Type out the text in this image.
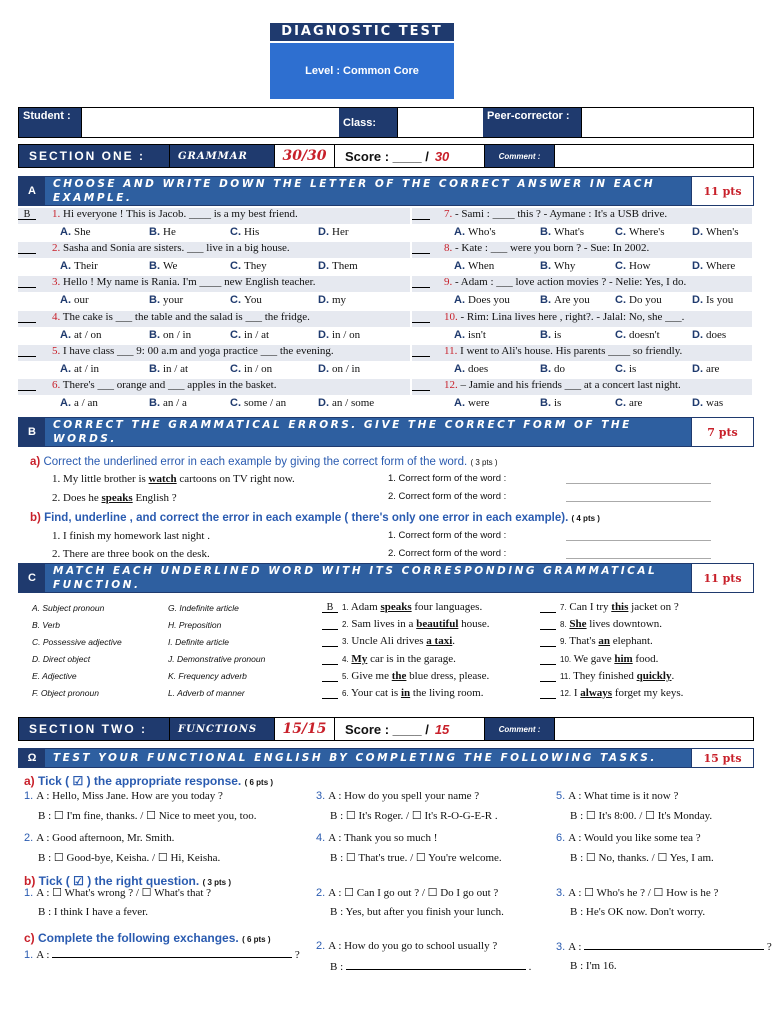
DIAGNOSTIC TEST
Level : Common Core
Student :
Class:
Peer-corrector :
SECTION ONE :	GRAMMAR	30/30	Score : ____ / 30	Comment :
A
CHOOSE AND WRITE DOWN THE LETTER OF THE CORRECT ANSWER IN EACH EXAMPLE.
11 pts
B 1. Hi everyone ! This is Jacob. ____ is a my best friend.
A. She	B. He	C. His	D. Her
2. Sasha and Sonia are sisters. ___ live in a big house.
A. Their	B. We	C. They	D. Them
3. Hello ! My name is Rania. I'm ____ new English teacher.
A. our	B. your	C. You	D. my
4. The cake is ___ the table and the salad is ___ the fridge.
A. at / on	B. on / in	C. in / at	D. in / on
5. I have class ___ 9: 00 a.m and yoga practice ___ the evening.
A. at / in	B. in / at	C. in / on	D. on / in
6. There's ___ orange and ___ apples in the basket.
A. a / an	B. an / a	C. some / an	D. an / some
7. - Sami : ____ this ? - Aymane : It's a USB drive.
A. Who's	B. What's	C. Where's D. When's
8. - Kate : ___ were you born ? - Sue: In 2002.
A. When	B. Why	C. How	D. Where
9. - Adam : ___ love action movies ? - Nelie: Yes, I do.
A. Does you	B. Are you C. Do you	D. Is you
10. - Rim: Lina lives here , right?. - Jalal: No, she ___.
A. isn't	B. is	C. doesn't	D. does
11. I went to Ali's house. His parents ____ so friendly.
A. does	B. do	C. is	D. are
12. – Jamie and his friends ___ at a concert last night.
A. were	B. is	C. are	D. was
B
CORRECT THE GRAMMATICAL ERRORS. GIVE THE CORRECT FORM OF THE WORDS.
7 pts
a) Correct the underlined error in each example by giving the correct form of the word. ( 3 pts )
1. My little brother is watch cartoons on TV right now.
2. Does he speaks English ?
1. Correct form of the word :
2. Correct form of the word :
b) Find, underline , and correct the error in each example ( there's only one error in each example). ( 4 pts )
1. I finish my homework last night .
2. There are three book on the desk.
1. Correct form of the word :
2. Correct form of the word :
C
MATCH EACH UNDERLINED WORD WITH ITS CORRESPONDING GRAMMATICAL FUNCTION.
11 pts
A. Subject pronoun
B. Verb
C. Possessive adjective
D. Direct object
E. Adjective
F. Object pronoun
G. Indefinite article
H. Preposition
I. Definite article
J. Demonstrative pronoun
K. Frequency adverb
L. Adverb of manner
B 1. Adam speaks four languages.
2. Sam lives in a beautiful house.
3. Uncle Ali drives a taxi.
4. My car is in the garage.
5. Give me the blue dress, please.
6. Your cat is in the living room.
7. Can I try this jacket on ?
8. She lives downtown.
9. That's an elephant.
10. We gave him food.
11. They finished quickly.
12. I always forget my keys.
SECTION TWO :	FUNCTIONS	15/15	Score : ____ / 15	Comment :
Ω	TEST YOUR FUNCTIONAL ENGLISH BY COMPLETING THE FOLLOWING TASKS.	15 pts
a) Tick ( ☑ ) the appropriate response. ( 6 pts )
1. A : Hello, Miss Jane. How are you today ?
B : ☐ I'm fine, thanks. / ☐ Nice to meet you, too.
2. A : Good afternoon, Mr. Smith.
B : ☐ Good-bye, Keisha. / ☐ Hi, Keisha.
3. A : How do you spell your name ?
B : ☐ It's Roger. / ☐ It's R-O-G-E-R .
4. A : Thank you so much !
B : ☐ That's true. / ☐ You're welcome.
5. A : What time is it now ?
B : ☐ It's 8:00. / ☐ It's Monday.
6. A : Would you like some tea ?
B : ☐ No, thanks. / ☐ Yes, I am.
b) Tick ( ☑ ) the right question. ( 3 pts )
1. A : ☐ What's wrong ? / ☐ What's that ?
B : I think I have a fever.
2. A : ☐ Can I go out ? / ☐ Do I go out ?
B : Yes, but after you finish your lunch.
3. A : ☐ Who's he ? / ☐ How is he ?
B : He's OK now. Don't worry.
c) Complete the following exchanges. ( 6 pts )
1. A :	?
2. A : How do you go to school usually ?
B :	.
3. A :	?
B : I'm 16.
